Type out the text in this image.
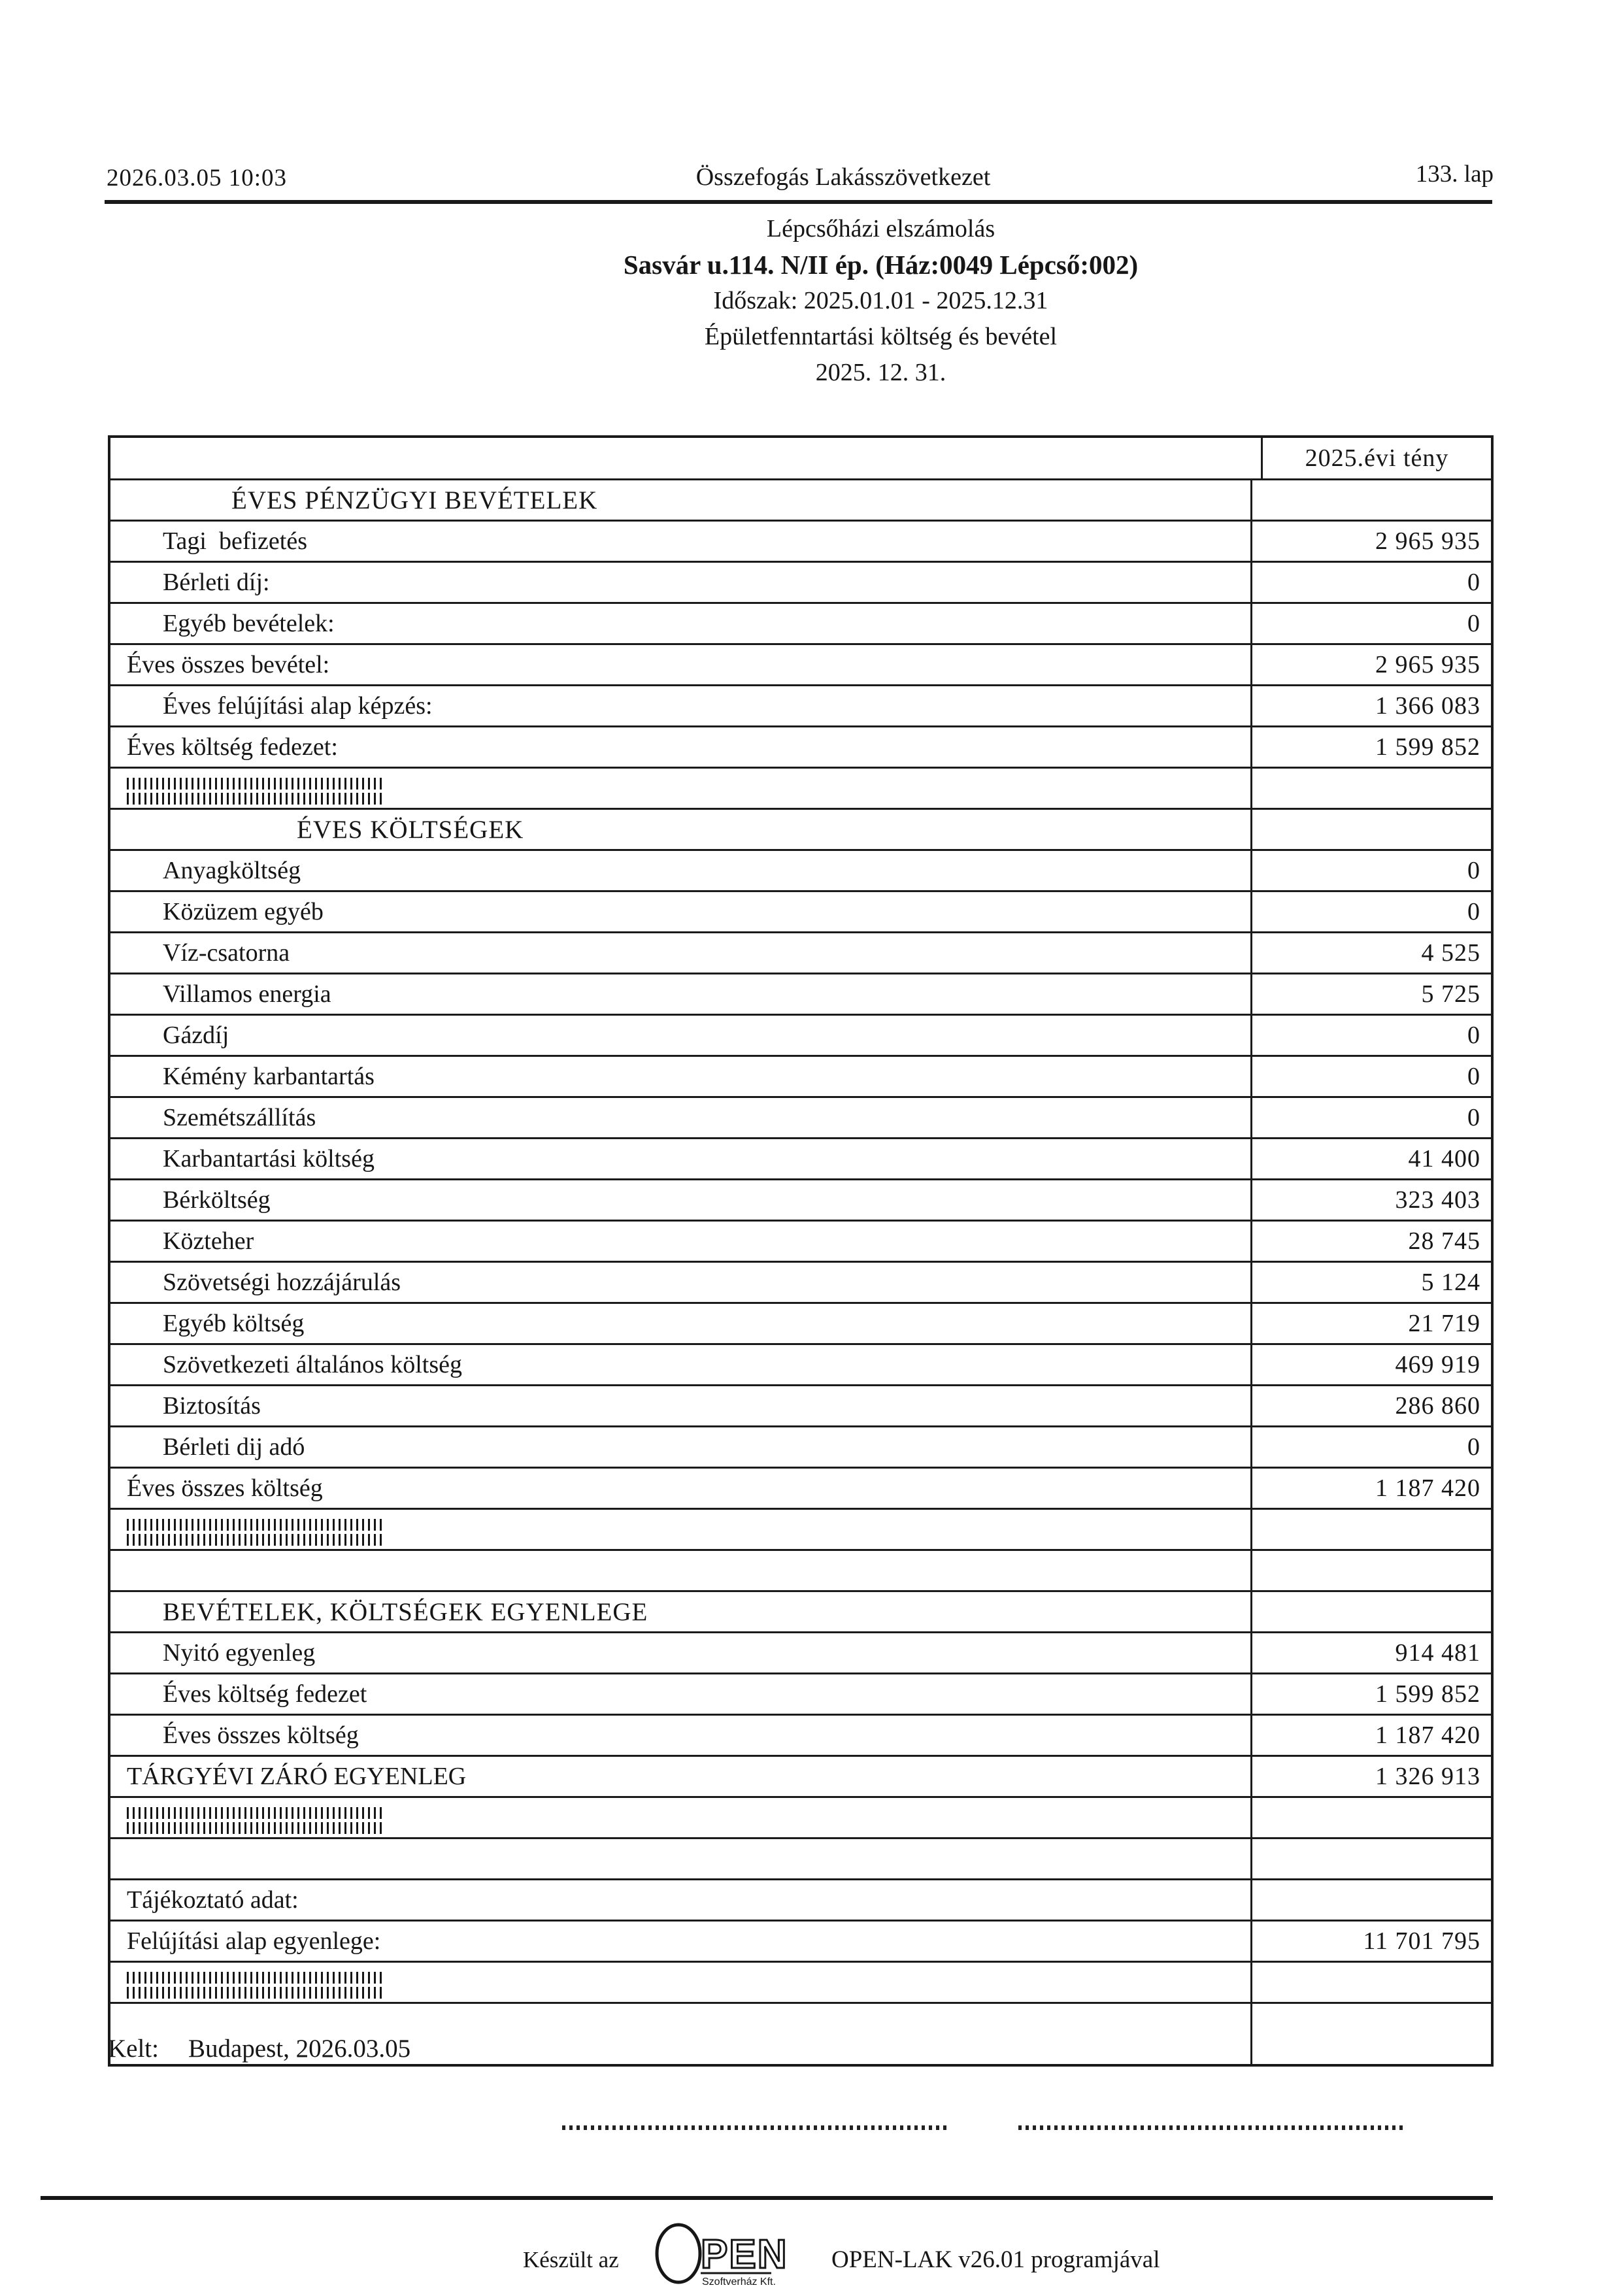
2026.03.05 10:03	Összefogás Lakásszövetkezet	133. lap
Lépcsőházi elszámolás
Sasvár u.114. N/II ép. (Ház:0049 Lépcső:002)
Időszak: 2025.01.01 - 2025.12.31
Épületfenntartási költség és bevétel
2025. 12. 31.
2025.évi tény
ÉVES PÉNZÜGYI BEVÉTELEK
Tagi  befizetés	2 965 935
Bérleti díj:	0
Egyéb bevételek:	0
Éves összes bevétel:	2 965 935
Éves felújítási alap képzés:	1 366 083
Éves költség fedezet:	1 599 852
ÉVES KÖLTSÉGEK
Anyagköltség	0
Közüzem egyéb	0
Víz-csatorna	4 525
Villamos energia	5 725
Gázdíj	0
Kémény karbantartás	0
Szemétszállítás	0
Karbantartási költség	41 400
Bérköltség	323 403
Közteher	28 745
Szövetségi hozzájárulás	5 124
Egyéb költség	21 719
Szövetkezeti általános költség	469 919
Biztosítás	286 860
Bérleti dij adó	0
Éves összes költség	1 187 420
BEVÉTELEK, KÖLTSÉGEK EGYENLEGE
Nyitó egyenleg	914 481
Éves költség fedezet	1 599 852
Éves összes költség	1 187 420
TÁRGYÉVI ZÁRÓ EGYENLEG	1 326 913
Tájékoztató adat:
Felújítási alap egyenlege:	11 701 795
Kelt: Budapest, 2026.03.05
Készült az PEN
Szoftverház Kft.
OPEN-LAK v26.01 programjával
